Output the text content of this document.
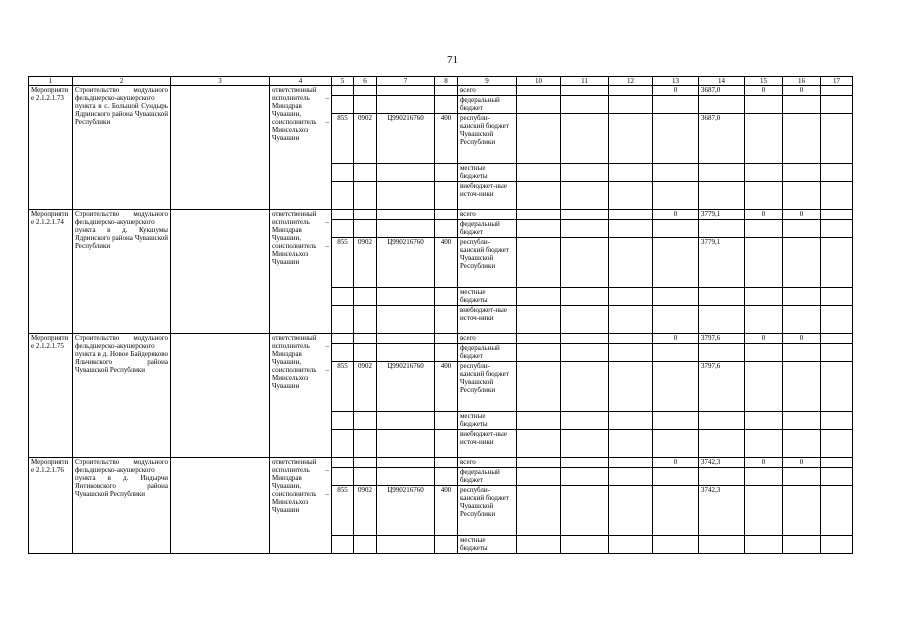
71
1	2	3	4	5	6	7	8	9	10	11	12	13	14	15	16	17
Мероприятие 2.1.2.1.73	Строительство модульного фельдшерско-акушерского пункта в с. Большой Сундырь Ядринского района Чувашской Республики		ответственный исполнитель – Минздрав Чувашии, соисполнитель – Минсельхоз Чувашии					всего				0	3687,0	0	0	
								федеральный бюджет								
				855	0902	Ц990216760	400	республи-канский бюджет Чувашской Республики					3687,0			
								местные бюджеты								
								внебюджет-ные источ-ники								
Мероприятие 2.1.2.1.74	Строительство модульного фельдшерско-акушерского пункта в д. Кукшумы Ядринского района Чувашской Республики		ответственный исполнитель – Минздрав Чувашии, соисполнитель – Минсельхоз Чувашии					всего				0	3779,1	0	0	
								федеральный бюджет								
				855	0902	Ц990216760	400	республи-канский бюджет Чувашской Республики					3779,1			
								местные бюджеты								
								внебюджет-ные источ-ники								
Мероприятие 2.1.2.1.75	Строительство модульного фельдшерско-акушерского пункта в д. Новое Байдеряково Яльчикского района Чувашской Республики		ответственный исполнитель – Минздрав Чувашии, соисполнитель – Минсельхоз Чувашии					всего				0	3797,6	0	0	
								федеральный бюджет								
				855	0902	Ц990216760	400	республи-канский бюджет Чувашской Республики					3797,6			
								местные бюджеты								
								внебюджет-ные источ-ники								
Мероприятие 2.1.2.1.76	Строительство модульного фельдшерско-акушерского пункта в д. Индырчи Янтиковского района Чувашской Республики		ответственный исполнитель – Минздрав Чувашии, соисполнитель – Минсельхоз Чувашии					всего				0	3742,3	0	0	
								федеральный бюджет								
				855	0902	Ц990216760	400	республи-канский бюджет Чувашской Республики					3742,3			
								местные бюджеты								
